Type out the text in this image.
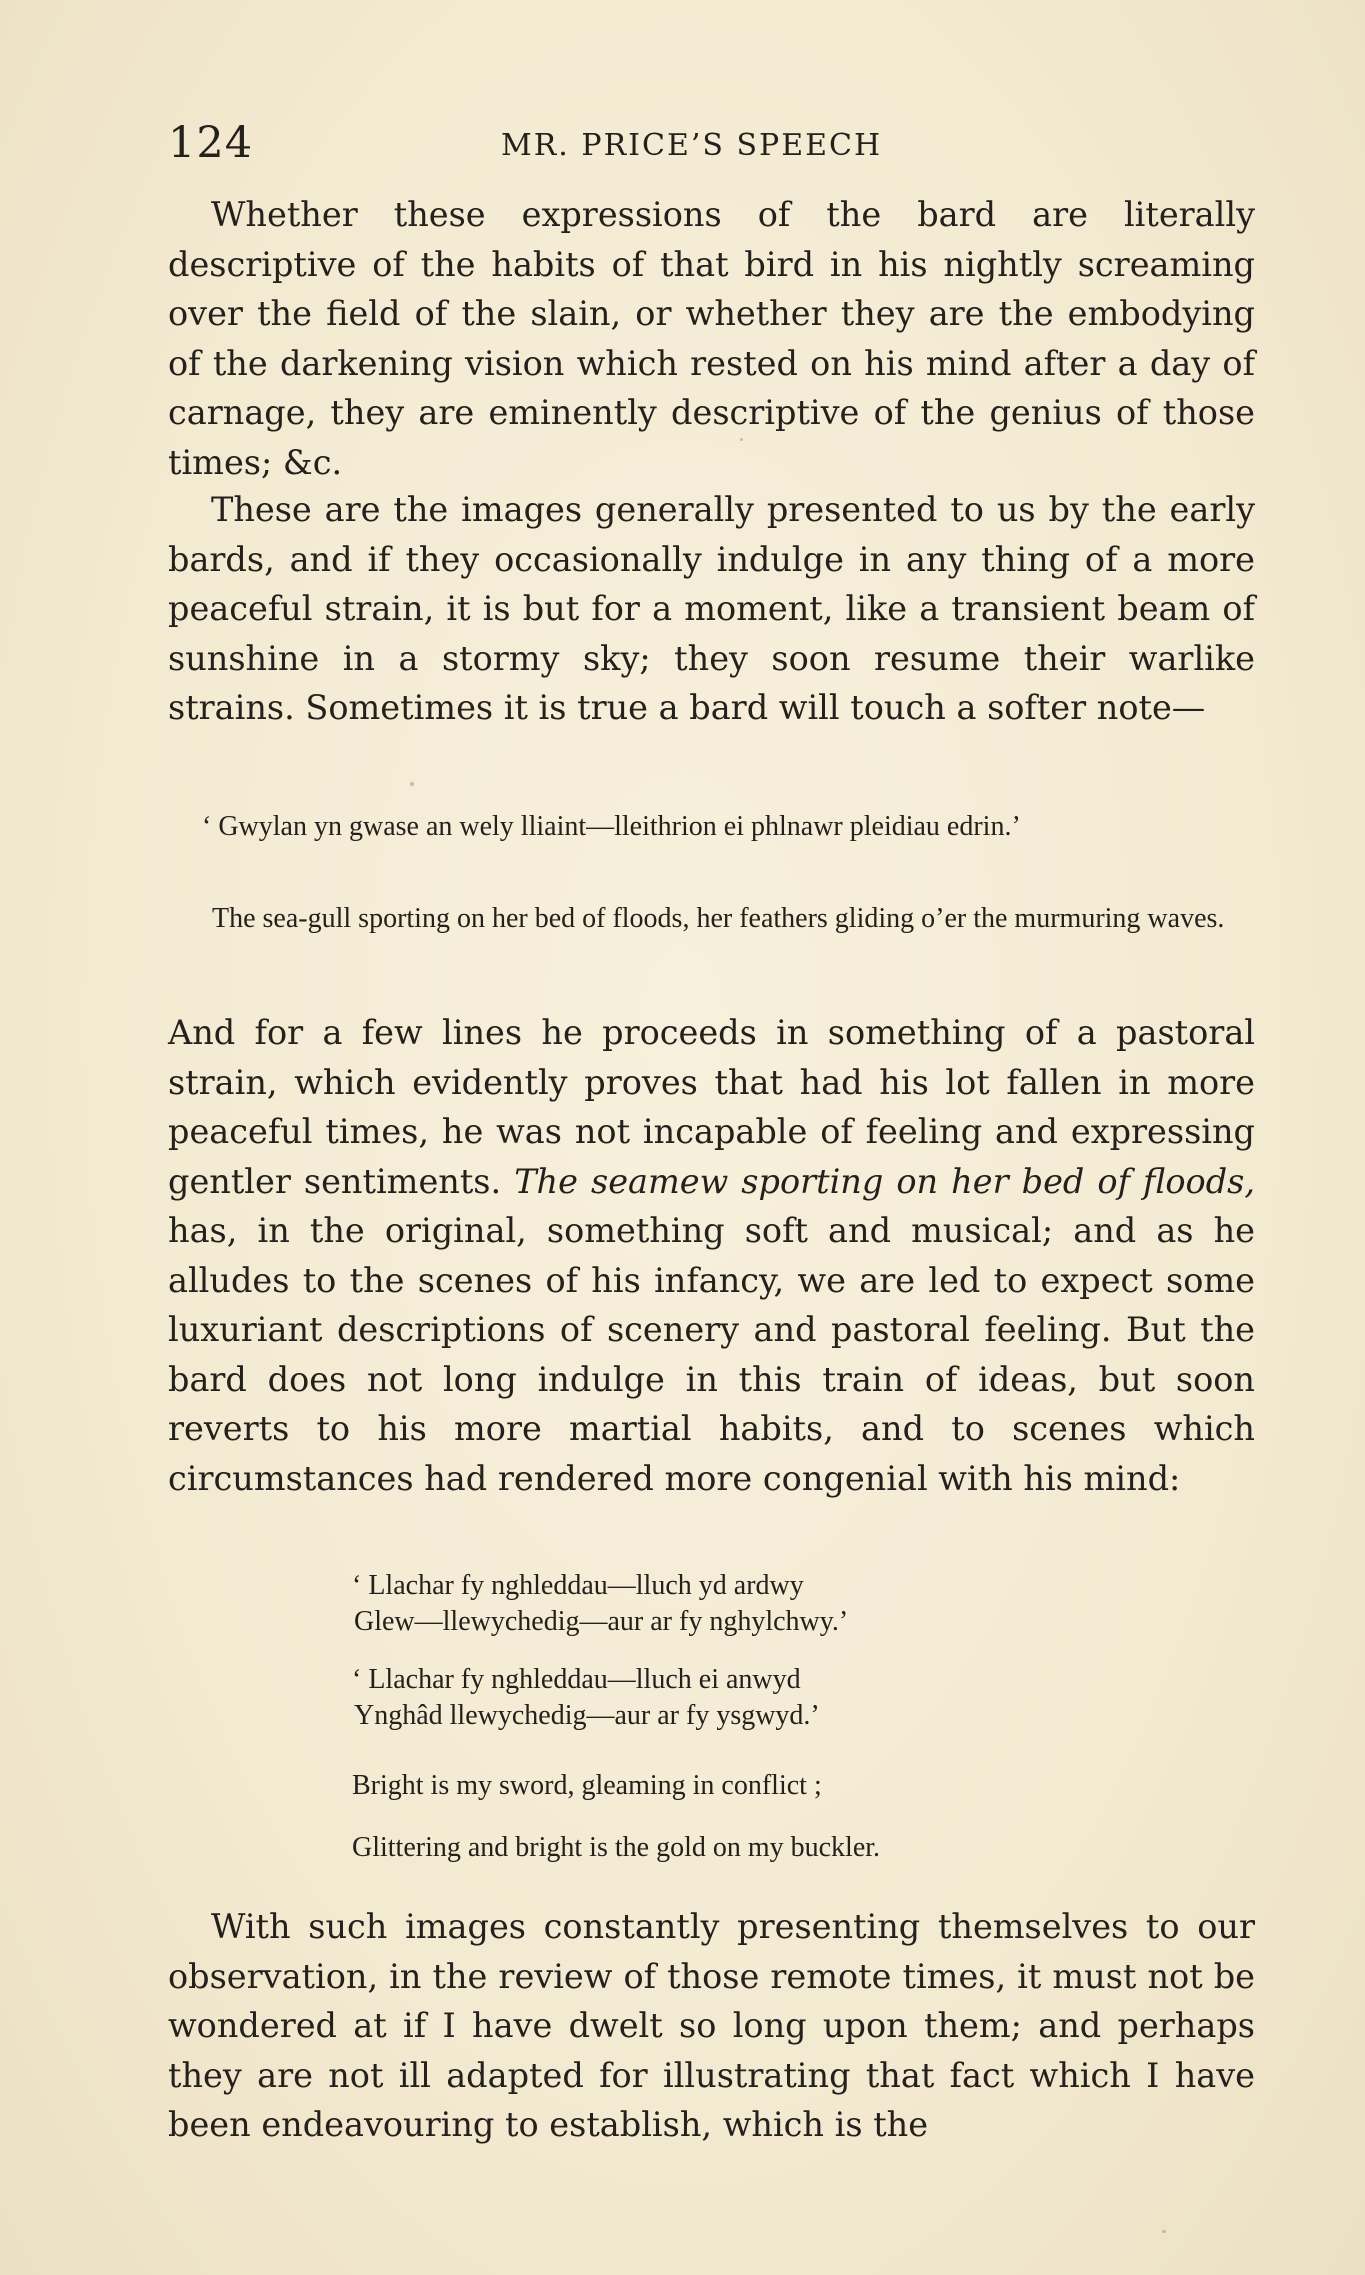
124	MR. PRICE’S SPEECH

Whether these expressions of the bard are literally descriptive of the habits of that bird in his nightly screaming over the field of the slain, or whether they are the embodying of the darkening vision which rested on his mind after a day of carnage, they are eminently descriptive of the genius of those times; &c.

These are the images generally presented to us by the early bards, and if they occasionally indulge in any thing of a more peaceful strain, it is but for a moment, like a transient beam of sunshine in a stormy sky; they soon resume their warlike strains. Sometimes it is true a bard will touch a softer note—

‘ Gwylan yn gwase an wely lliaint—lleithrion ei phlnawr pleidiau edrin.’

The sea-gull sporting on her bed of floods, her feathers gliding o’er the murmuring waves.

And for a few lines he proceeds in something of a pastoral strain, which evidently proves that had his lot fallen in more peaceful times, he was not incapable of feeling and expressing gentler sentiments. The seamew sporting on her bed of floods, has, in the original, something soft and musical; and as he alludes to the scenes of his infancy, we are led to expect some luxuriant descriptions of scenery and pastoral feeling. But the bard does not long indulge in this train of ideas, but soon reverts to his more martial habits, and to scenes which circumstances had rendered more congenial with his mind:

‘ Llachar fy nghleddau—lluch yd ardwy
Glew—llewychedig—aur ar fy nghylchwy.’
‘ Llachar fy nghleddau—lluch ei anwyd
Ynghâd llewychedig—aur ar fy ysgwyd.’

Bright is my sword, gleaming in conflict ;

Glittering and bright is the gold on my buckler.

With such images constantly presenting themselves to our observation, in the review of those remote times, it must not be wondered at if I have dwelt so long upon them; and perhaps they are not ill adapted for illustrating that fact which I have been endeavouring to establish, which is the
